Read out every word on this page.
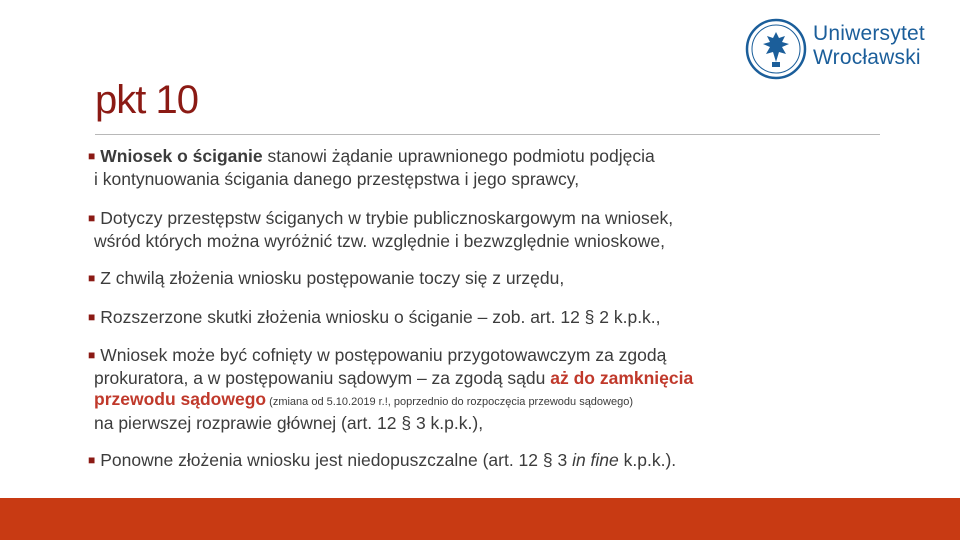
Uniwersytet
Wrocławski
pkt 10
■ Wniosek o ściganie stanowi żądanie uprawnionego podmiotu podjęcia
i kontynuowania ścigania danego przestępstwa i jego sprawcy,
■ Dotyczy przestępstw ściganych w trybie publicznoskargowym na wniosek,
wśród których można wyróżnić tzw. względnie i bezwzględnie wnioskowe,
■ Z chwilą złożenia wniosku postępowanie toczy się z urzędu,
■ Rozszerzone skutki złożenia wniosku o ściganie – zob. art. 12 § 2 k.p.k.,
■ Wniosek może być cofnięty w postępowaniu przygotowawczym za zgodą
prokuratora, a w postępowaniu sądowym – za zgodą sądu aż do zamknięcia
przewodu sądowego (zmiana od 5.10.2019 r.!, poprzednio do rozpoczęcia przewodu sądowego)
na pierwszej rozprawie głównej (art. 12 § 3 k.p.k.),
■ Ponowne złożenia wniosku jest niedopuszczalne (art. 12 § 3 in fine k.p.k.).
